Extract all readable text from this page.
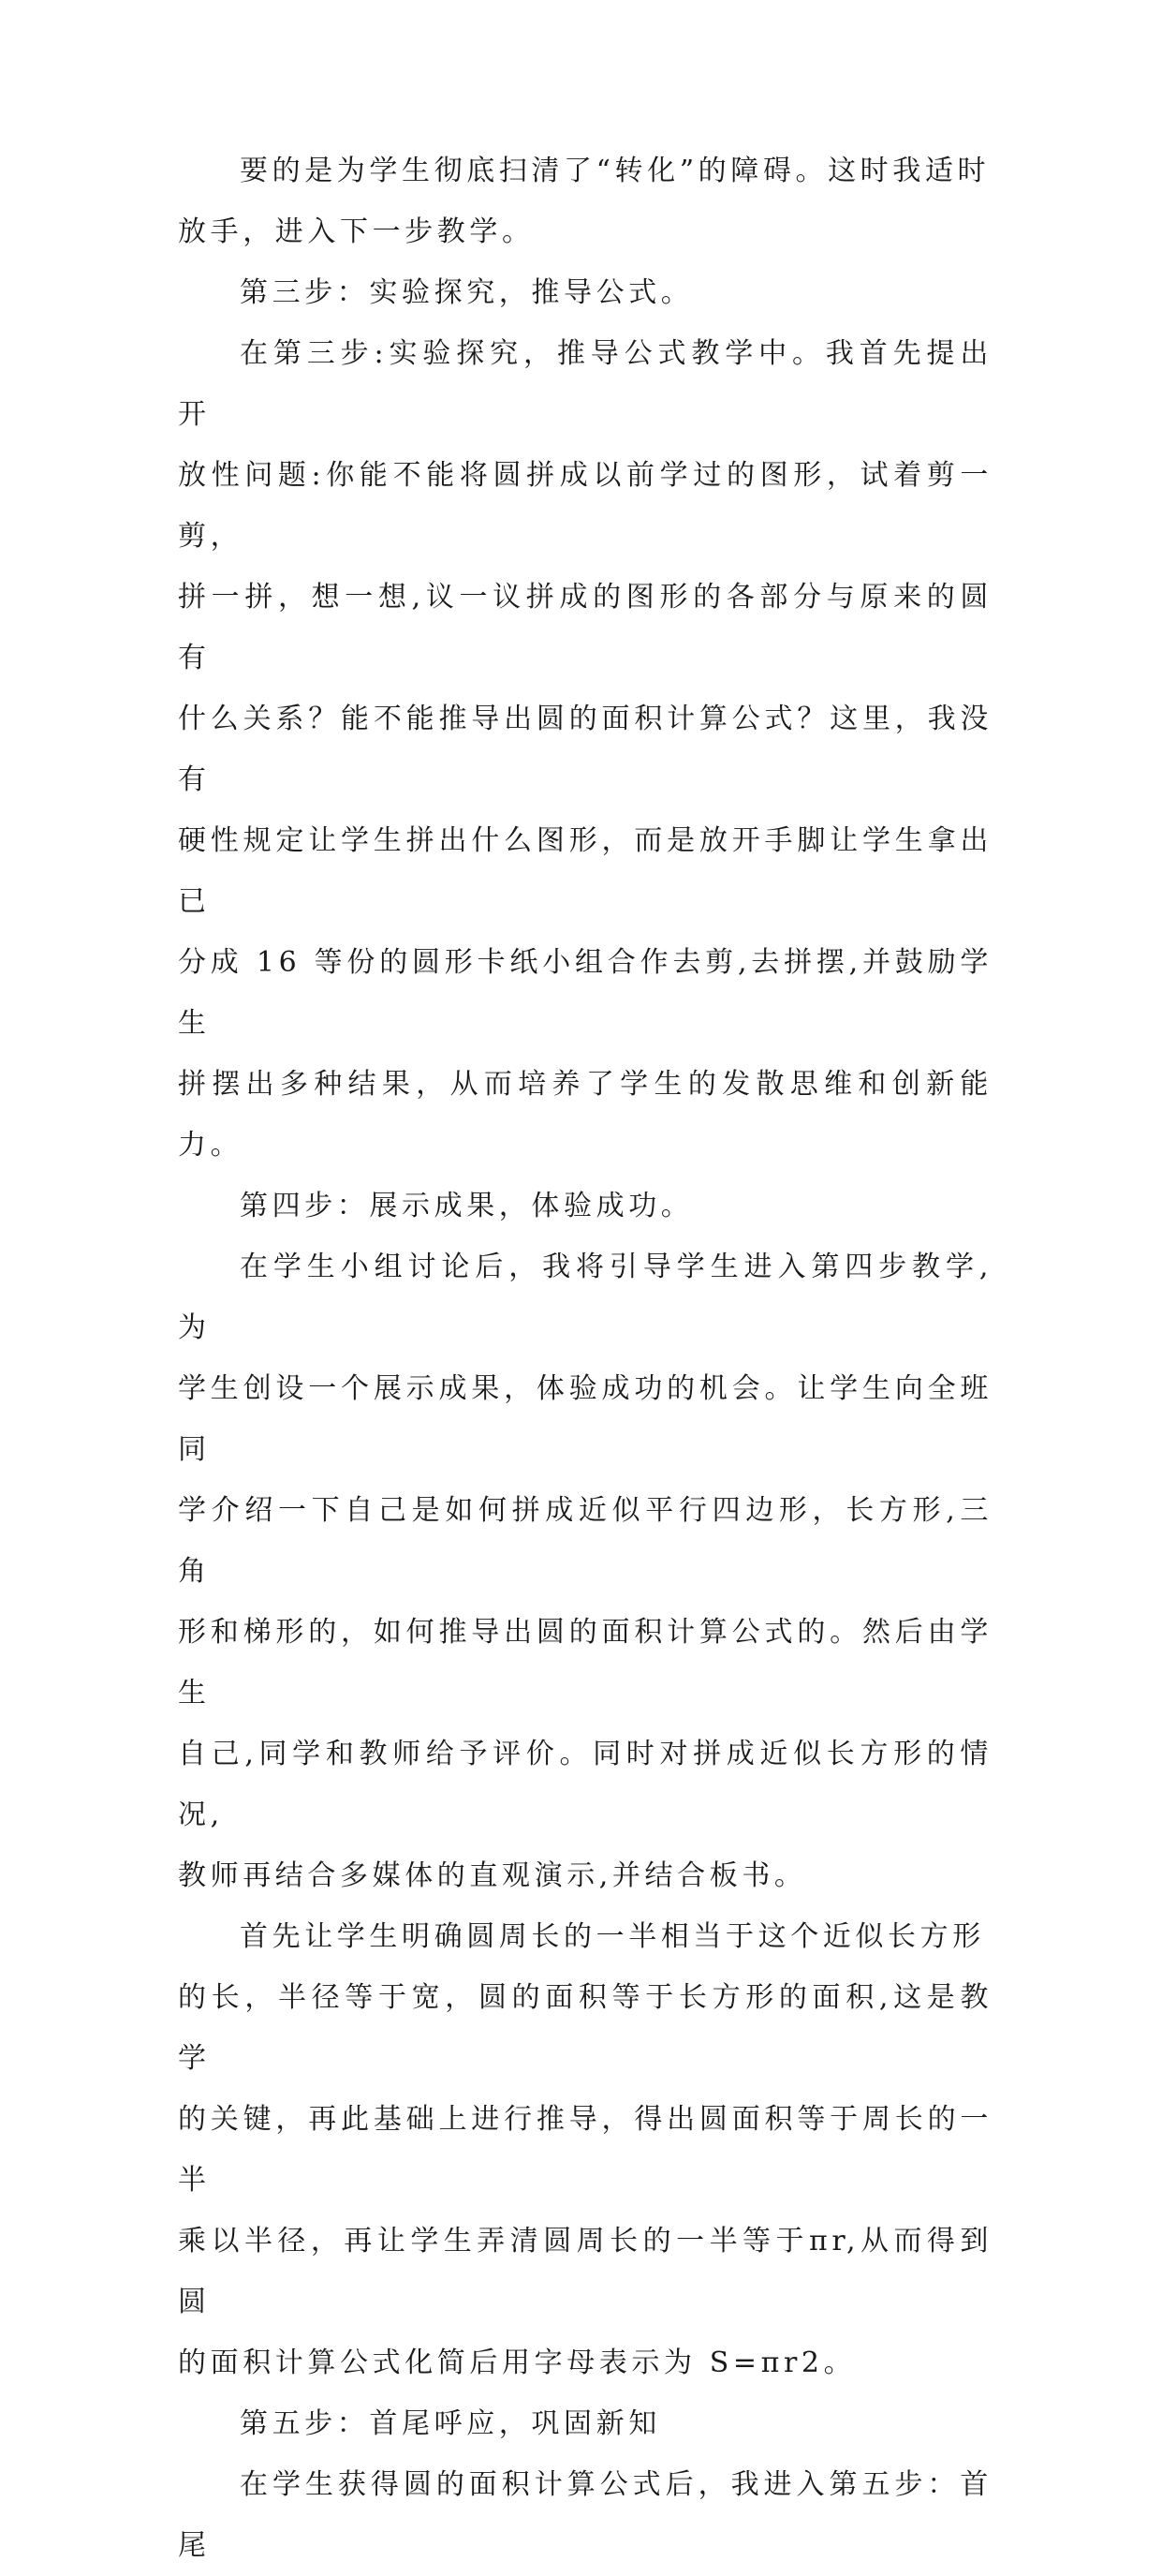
要的是为学生彻底扫清了“转化”的障碍。这时我适时
放手，进入下一步教学。

第三步：实验探究，推导公式。

在第三步:实验探究，推导公式教学中。我首先提出开
放性问题:你能不能将圆拼成以前学过的图形，试着剪一剪，
拼一拼，想一想,议一议拼成的图形的各部分与原来的圆有
什么关系？能不能推导出圆的面积计算公式？这里，我没有
硬性规定让学生拼出什么图形，而是放开手脚让学生拿出已
分成 16 等份的圆形卡纸小组合作去剪,去拼摆,并鼓励学生
拼摆出多种结果，从而培养了学生的发散思维和创新能力。

第四步：展示成果，体验成功。

在学生小组讨论后，我将引导学生进入第四步教学,为
学生创设一个展示成果，体验成功的机会。让学生向全班同
学介绍一下自己是如何拼成近似平行四边形，长方形,三角
形和梯形的，如何推导出圆的面积计算公式的。然后由学生
自己,同学和教师给予评价。同时对拼成近似长方形的情况,
教师再结合多媒体的直观演示,并结合板书。

首先让学生明确圆周长的一半相当于这个近似长方形
的长，半径等于宽，圆的面积等于长方形的面积,这是教学
的关键，再此基础上进行推导，得出圆面积等于周长的一半
乘以半径，再让学生弄清圆周长的一半等于πr,从而得到圆
的面积计算公式化简后用字母表示为 S=πr2。

第五步：首尾呼应，巩固新知

在学生获得圆的面积计算公式后，我进入第五步：首尾
